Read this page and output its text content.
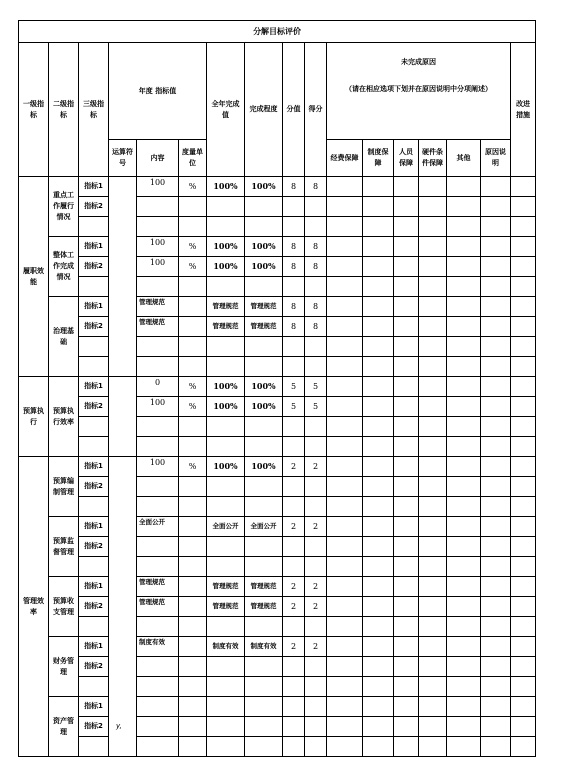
分解目标评价																
一级指标	二级指标	三级指标	年度 指标值			全年完成值	完成程度	分值	得分	未完成原因
（请在相应选项下划并在原因说明中分项阐述）						改进措施
			运算符号	内容	度量单位					经费保障	制度保障	人员保障	硬件条件保障	其他	原因说明	
履职效能	重点工作履行情况	指标1		100	%	100%	100%	8	8							
		指标2														

	整体工作完成情况	指标1		100	%	100%	100%	8	8							
		指标2		100	%	100%	100%	8	8							

	治理基础	指标1		管理规范		管理规范	管理规范	8	8							
		指标2		管理规范		管理规范	管理规范	8	8							

预算执行	预算执行效率	指标1		0	%	100%	100%	5	5							
		指标2		100	%	100%	100%	5	5							

管理效率	预算编制管理	指标1		100	%	100%	100%	2	2							
		指标2														

	预算监督管理	指标1		全面公开		全面公开	全面公开	2	2							
		指标2														

	预算收支管理	指标1		管理规范		管理规范	管理规范	2	2							
		指标2		管理规范		管理规范	管理规范	2	2							

	财务管理	指标1		制度有效		制度有效	制度有效	2	2							
		指标2														

	资产管理	指标1														
		指标2														
													y,
